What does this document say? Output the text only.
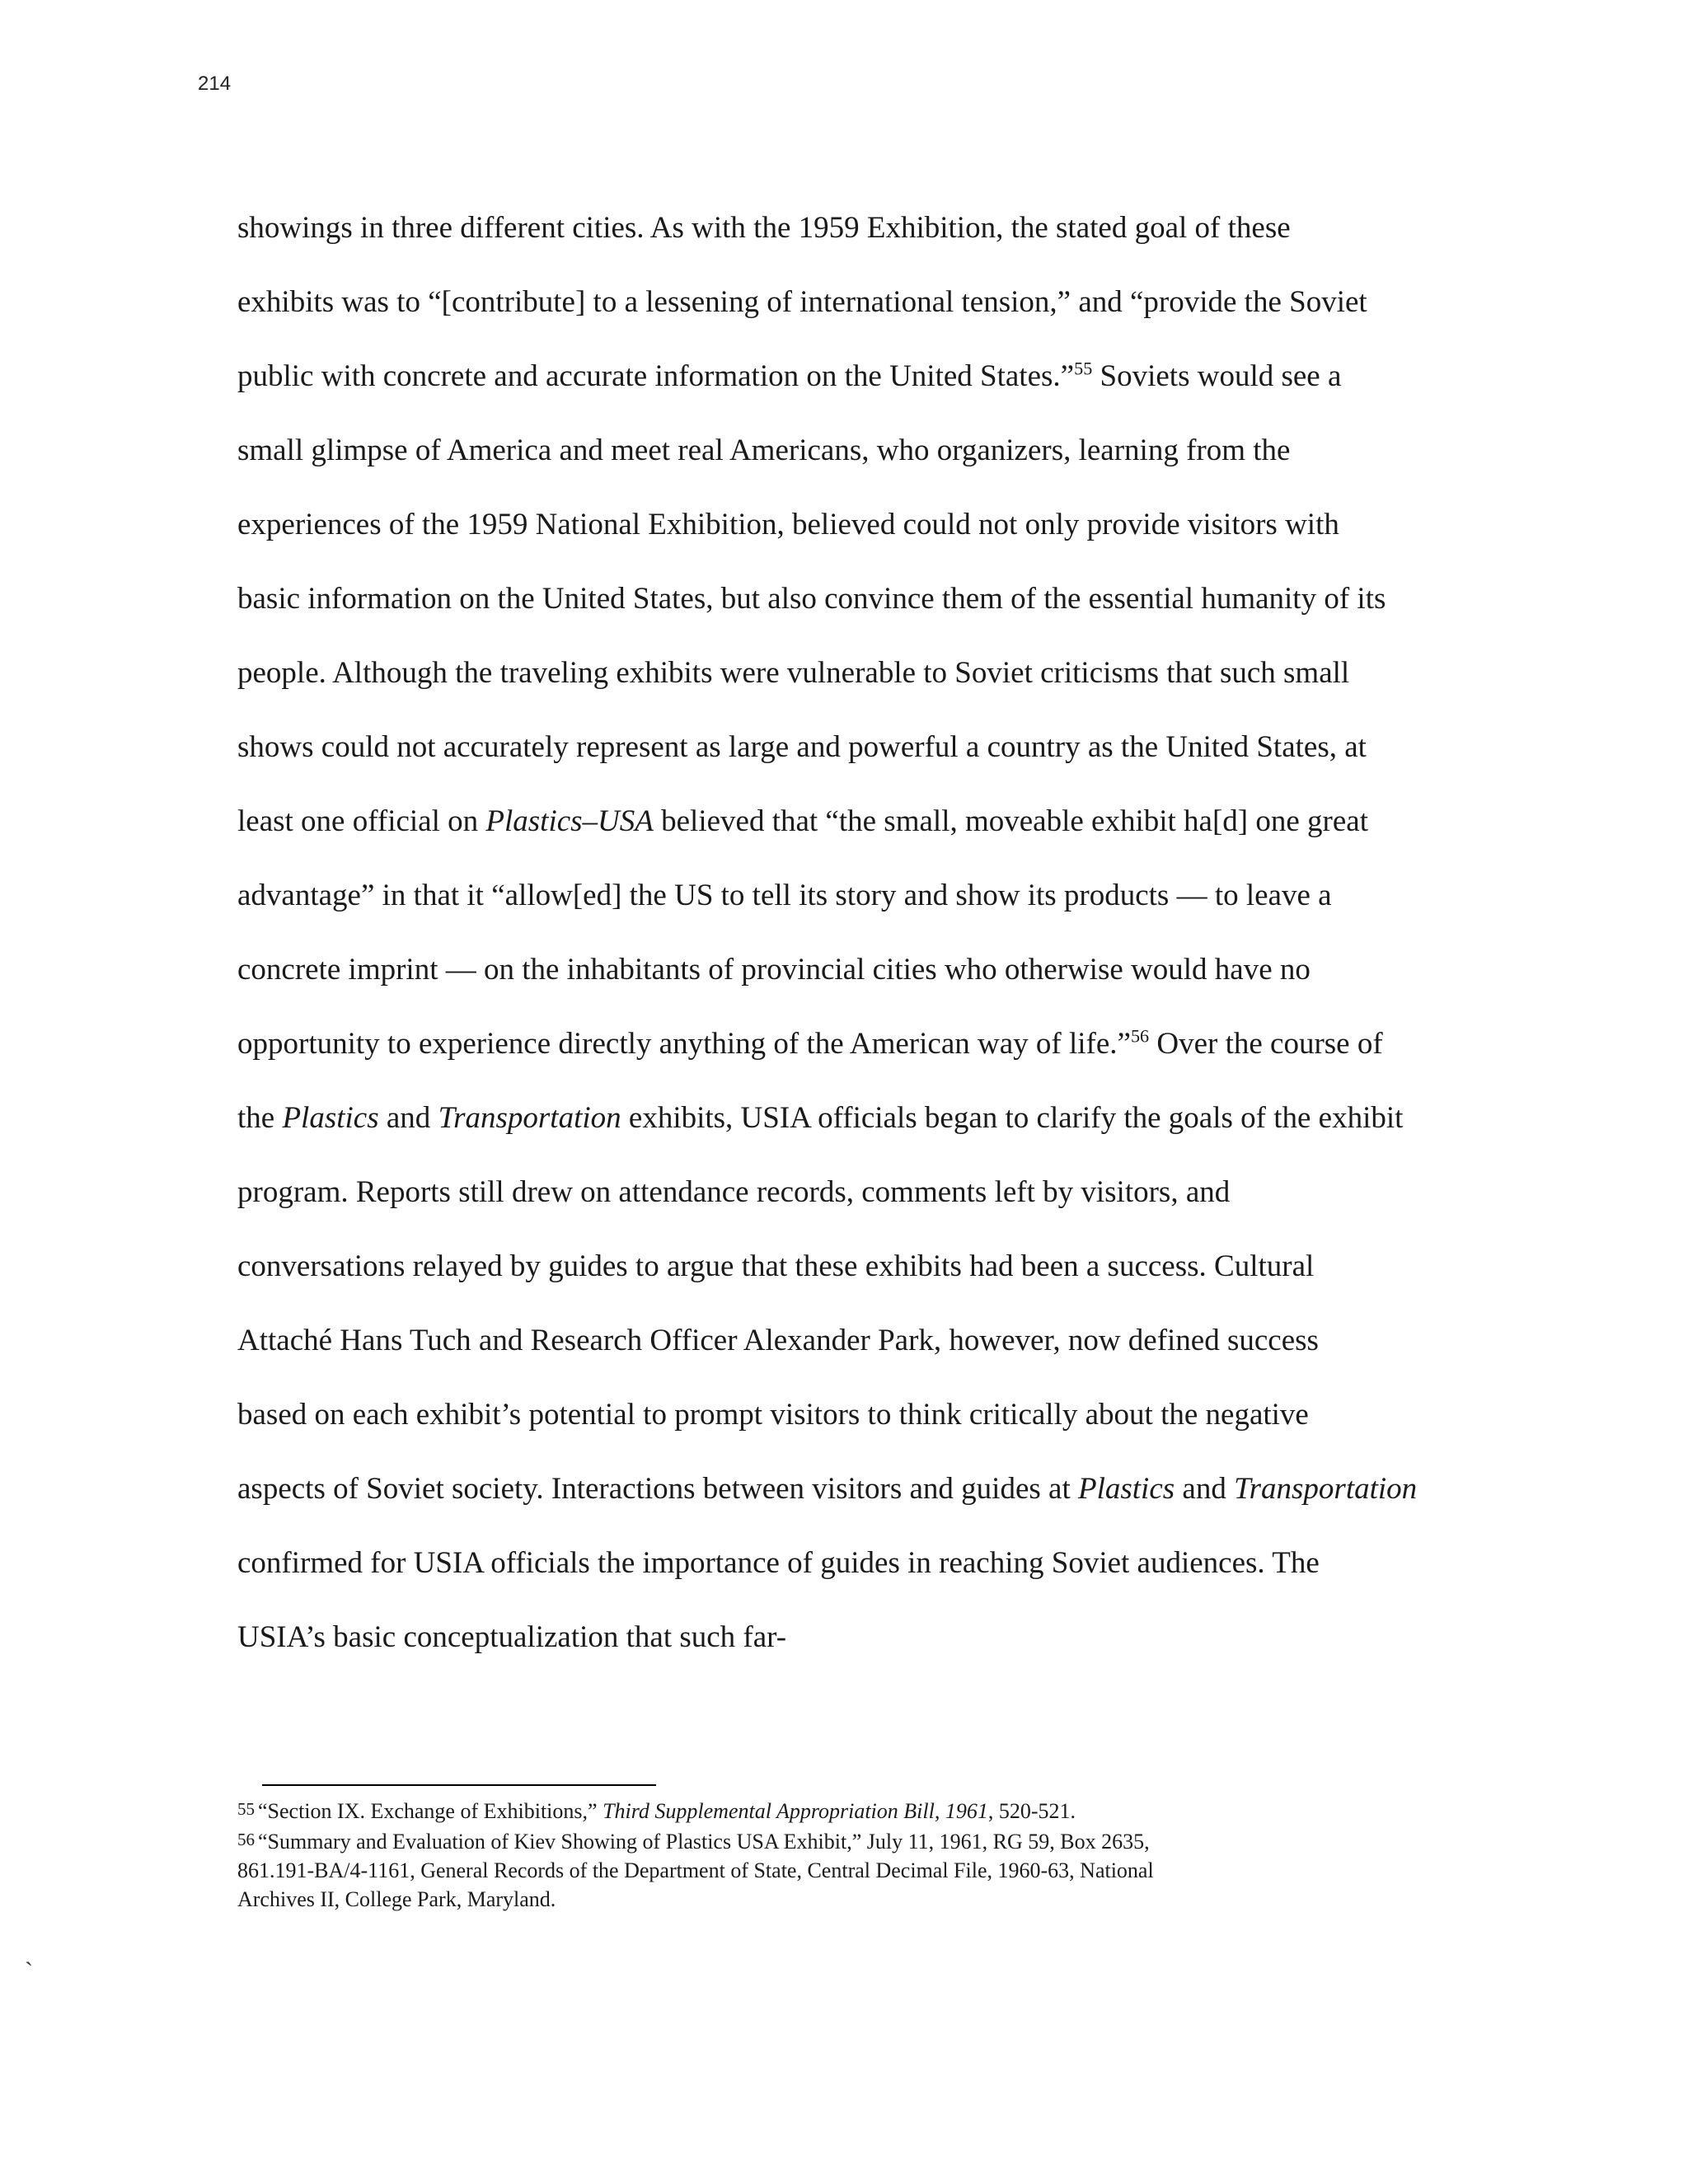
214
showings in three different cities. As with the 1959 Exhibition, the stated goal of these
exhibits was to “[contribute] to a lessening of international tension,” and “provide the Soviet
public with concrete and accurate information on the United States.”$^{55}$ Soviets would see a
small glimpse of America and meet real Americans, who organizers, learning from the
experiences of the 1959 National Exhibition, believed could not only provide visitors with
basic information on the United States, but also convince them of the essential humanity of its
people. Although the traveling exhibits were vulnerable to Soviet criticisms that such small
shows could not accurately represent as large and powerful a country as the United States, at
least one official on Plastics–USA believed that “the small, moveable exhibit ha[d] one great
advantage” in that it “allow[ed] the US to tell its story and show its products — to leave a
concrete imprint — on the inhabitants of provincial cities who otherwise would have no
opportunity to experience directly anything of the American way of life.”$^{56}$ Over the course of
the Plastics and Transportation exhibits, USIA officials began to clarify the goals of the exhibit
program. Reports still drew on attendance records, comments left by visitors, and
conversations relayed by guides to argue that these exhibits had been a success. Cultural
Attaché Hans Tuch and Research Officer Alexander Park, however, now defined success
based on each exhibit’s potential to prompt visitors to think critically about the negative
aspects of Soviet society. Interactions between visitors and guides at Plastics and Transportation
confirmed for USIA officials the importance of guides in reaching Soviet audiences. The
USIA’s basic conceptualization that such far-
55 “Section IX. Exchange of Exhibitions,” Third Supplemental Appropriation Bill, 1961, 520-521.
56 “Summary and Evaluation of Kiev Showing of Plastics USA Exhibit,” July 11, 1961, RG 59, Box 2635,
861.191-BA/4-1161, General Records of the Department of State, Central Decimal File, 1960-63, National
Archives II, College Park, Maryland.
`
